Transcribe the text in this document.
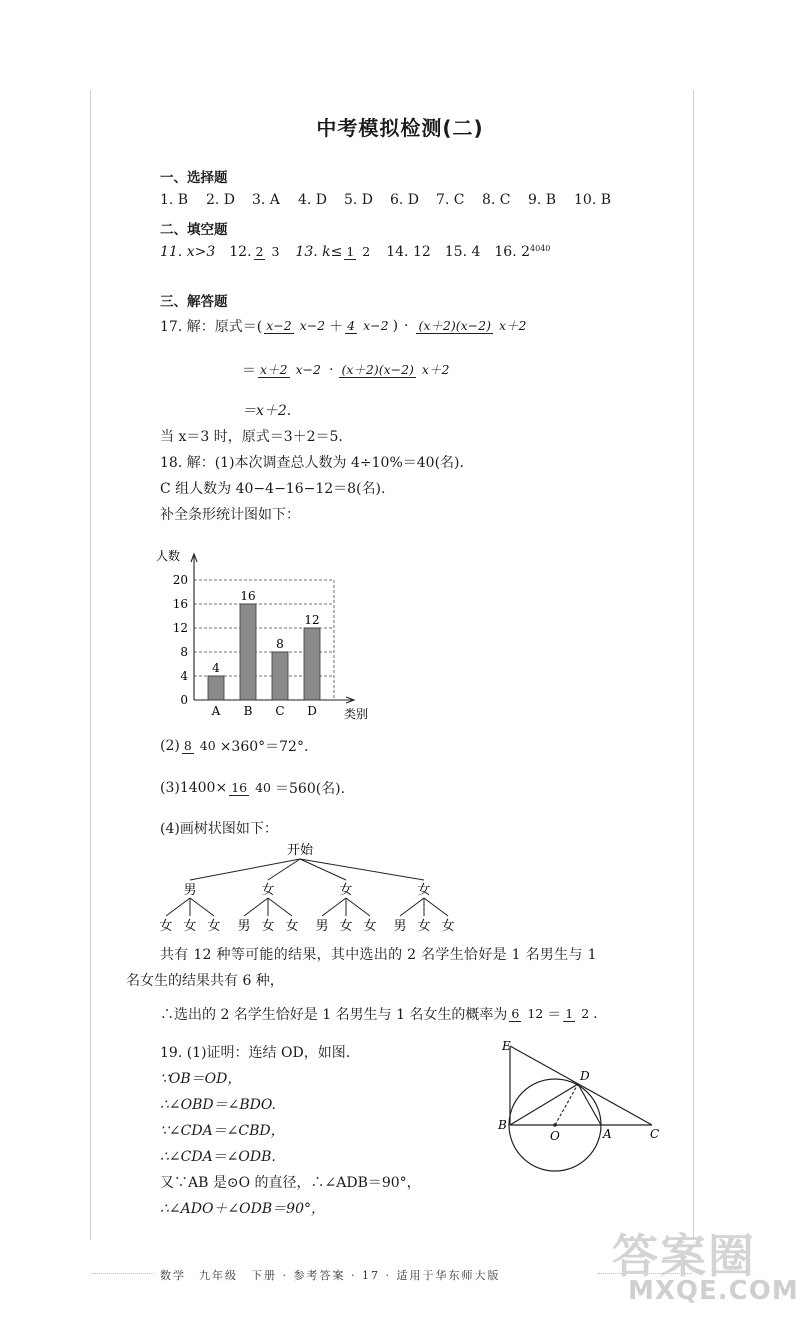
中考模拟检测(二)
一、选择题
1. B	2. D	3. A	4. D	5. D	6. D	7. C	8. C	9. B	10. B
二、填空题
11. x>3 12. 2 3 13. k≤ 1 2 14. 12 15. 4 16. $2^{4040}$
三、解答题
17. 解：原式＝( x−2 x−2 ＋ 4 x−2 ) · (x＋2)(x−2) x＋2
＝ x＋2 x−2 · (x＋2)(x−2) x＋2
＝x＋2.
当 x＝3 时，原式＝3＋2＝5.
18. 解：(1)本次调查总人数为 4÷10%＝40(名).
C 组人数为 40−4−16−12＝8(名).
补全条形统计图如下：
0
4
8
12
16
20
人数
类别
4
A
16
B
8
C
12
D
(2) 8 40 ×360°＝72°.
(3)1400× 16 40 ＝560(名).
(4)画树状图如下：
开始
男
女 女 女
女
男 女 女
女
男 女 女
女
男 女 女
共有 12 种等可能的结果，其中选出的 2 名学生恰好是 1 名男生与 1
名女生的结果共有 6 种，
∴选出的 2 名学生恰好是 1 名男生与 1 名女生的概率为 6 12 ＝ 1 2 .
19. (1)证明：连结 OD，如图.
∵OB＝OD，
∴∠OBD＝∠BDO.
∵∠CDA＝∠CBD，
∴∠CDA＝∠ODB.
又∵AB 是⊙O 的直径，∴∠ADB＝90°，
∴∠ADO＋∠ODB＝90°，
E
D
B
O	A	C
数学　九年级　下册 · 参考答案 · 17 · 适用于华东师大版 答案圈
MXQE.COM
